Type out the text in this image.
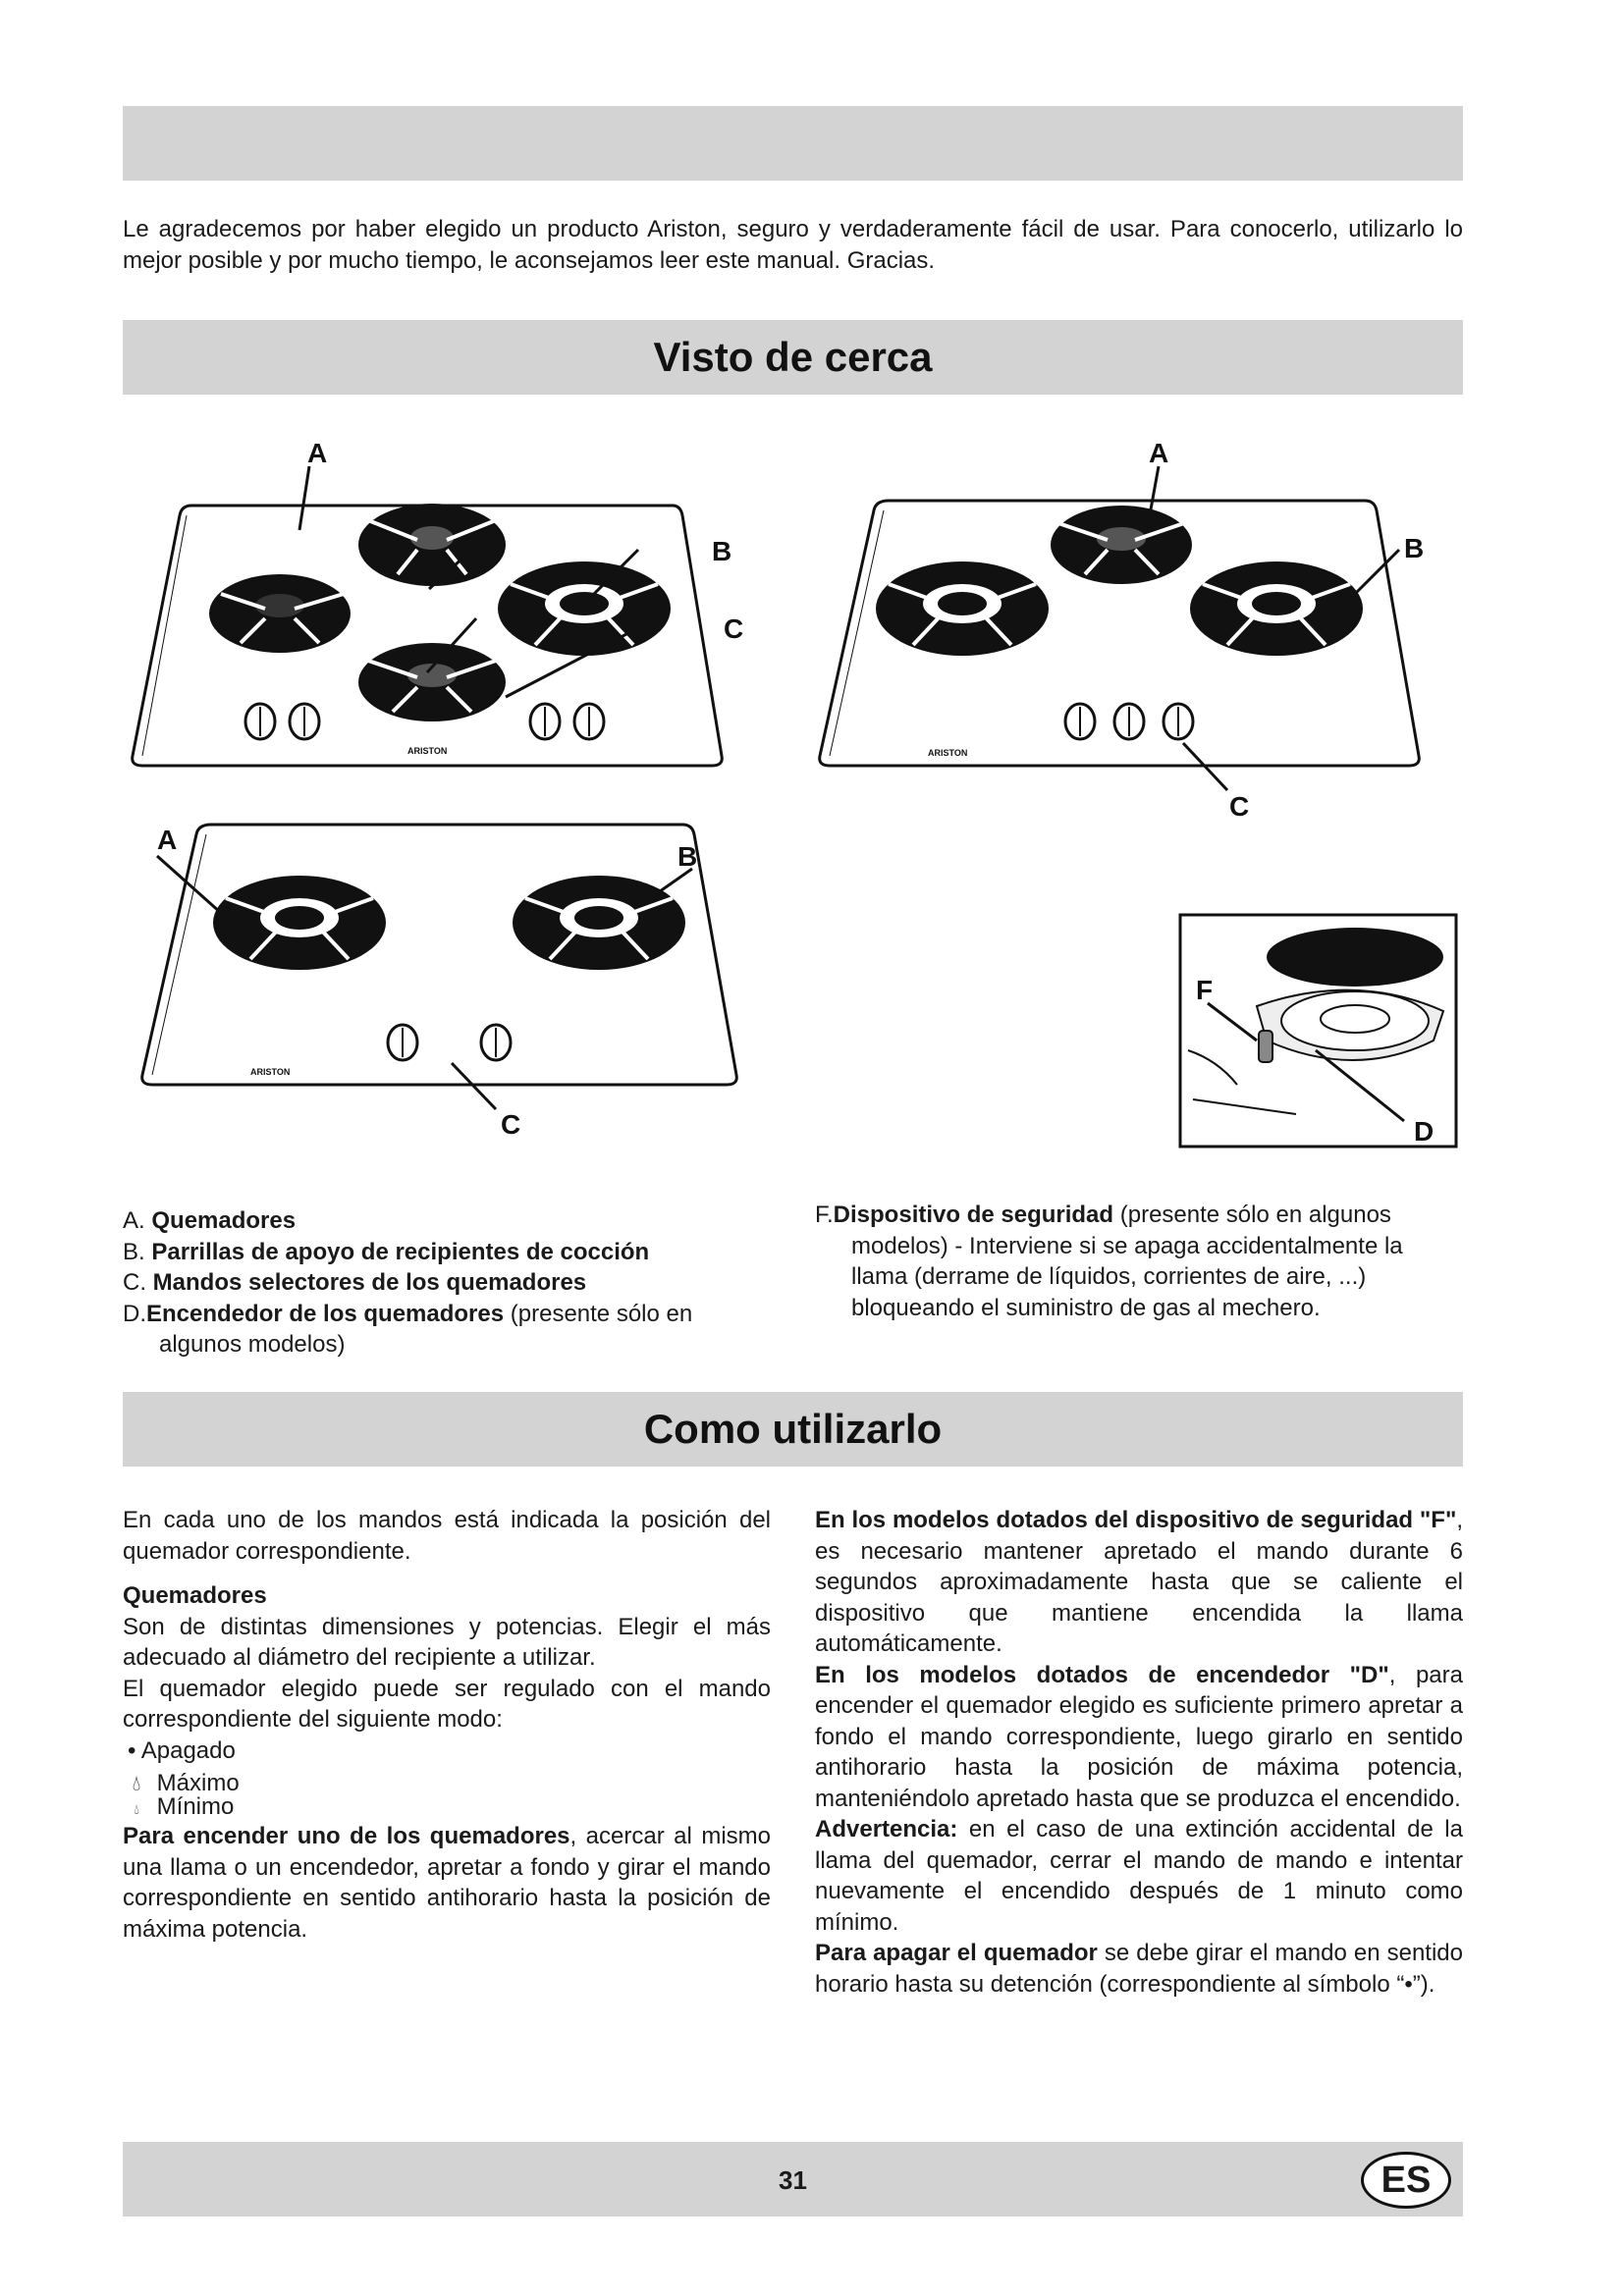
Le agradecemos por haber elegido un producto Ariston, seguro y verdaderamente fácil de usar. Para conocerlo, utilizarlo lo mejor posible y por mucho tiempo, le aconsejamos leer este manual. Gracias.
Visto de cerca
ARISTON
A
B
C
ARISTON
A
B
C
ARISTON
A
B
C
F
D
A. Quemadores
B. Parrillas de apoyo de recipientes de cocción
C. Mandos selectores de los quemadores
D.Encendedor de los quemadores (presente sólo en
algunos modelos)
F.Dispositivo de seguridad (presente sólo en algunos
modelos) - Interviene si se apaga accidentalmente la
llama (derrame de líquidos, corrientes de aire, ...)
bloqueando el suministro de gas al mechero.
Como utilizarlo
En cada uno de los mandos está indicada la posición del quemador correspondiente.
Quemadores
Son de distintas dimensiones y potencias. Elegir el más adecuado al diámetro del recipiente a utilizar.
El quemador elegido puede ser regulado con el mando correspondiente del siguiente modo:
• Apagado
💧︎ Máximo
💧︎ Mínimo
Para encender uno de los quemadores, acercar al mismo una llama o un encendedor, apretar a fondo y girar el mando correspondiente en sentido antihorario hasta la posición de máxima potencia.
En los modelos dotados del dispositivo de seguridad "F", es necesario mantener apretado el mando durante 6 segundos aproximadamente hasta que se caliente el dispositivo que mantiene encendida la llama automáticamente.
En los modelos dotados de encendedor "D", para encender el quemador elegido es suficiente primero apretar a fondo el mando correspondiente, luego girarlo en sentido antihorario hasta la posición de máxima potencia, manteniéndolo apretado hasta que se produzca el encendido.
Advertencia: en el caso de una extinción accidental de la llama del quemador, cerrar el mando de mando e intentar nuevamente el encendido después de 1 minuto como mínimo.
Para apagar el quemador se debe girar el mando en sentido horario hasta su detención (correspondiente al símbolo “•”).
31	ES
